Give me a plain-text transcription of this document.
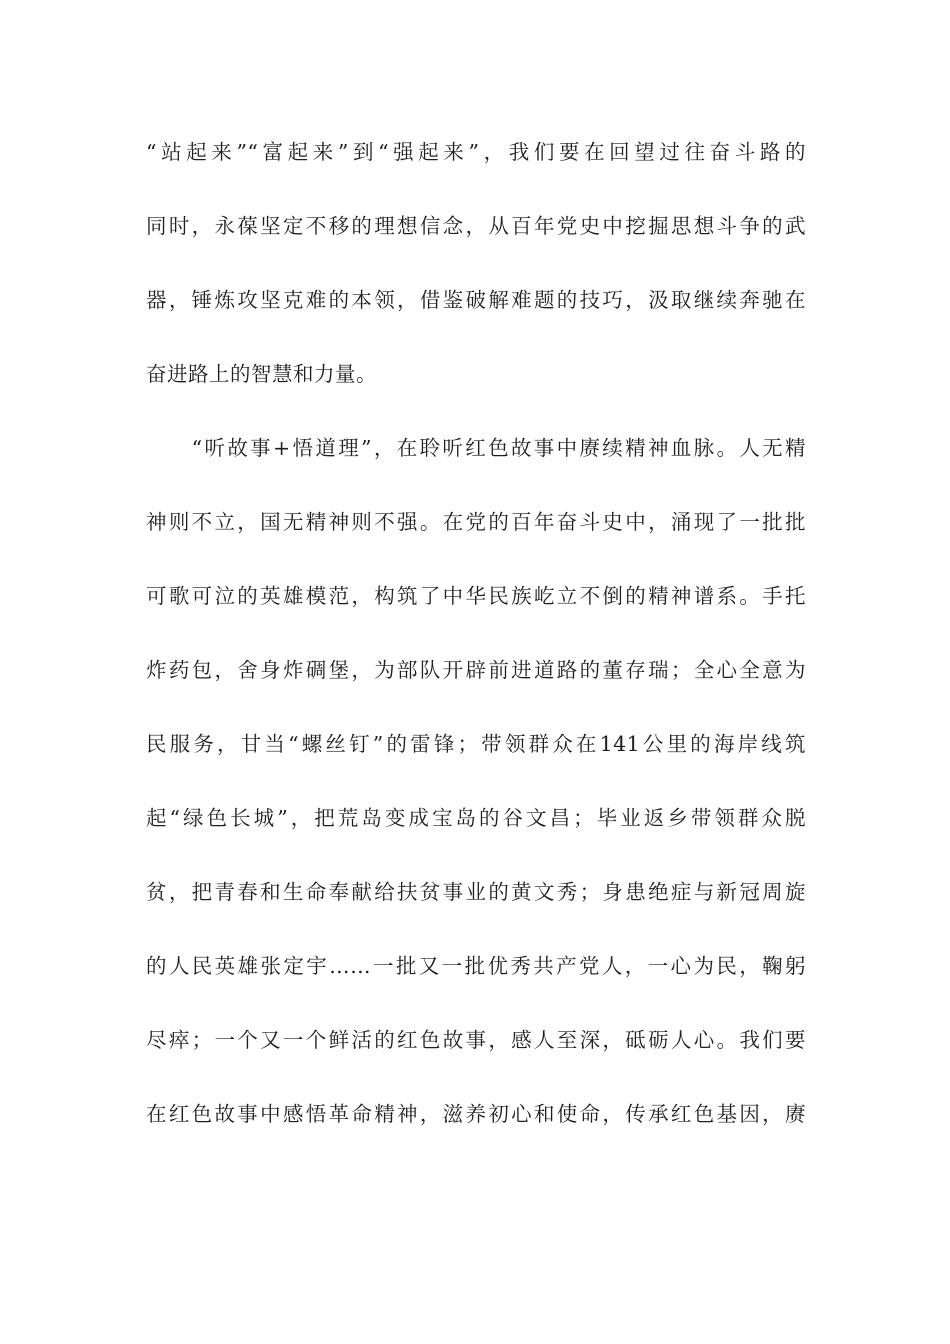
“站起来”“富起来”到“强起来”，我们要在回望过往奋斗路的
同时，永葆坚定不移的理想信念，从百年党史中挖掘思想斗争的武
器，锤炼攻坚克难的本领，借鉴破解难题的技巧，汲取继续奔驰在
奋进路上的智慧和力量。
　　“听故事+悟道理”，在聆听红色故事中赓续精神血脉。人无精
神则不立，国无精神则不强。在党的百年奋斗史中，涌现了一批批
可歌可泣的英雄模范，构筑了中华民族屹立不倒的精神谱系。手托
炸药包，舍身炸碉堡，为部队开辟前进道路的董存瑞；全心全意为
民服务，甘当“螺丝钉”的雷锋；带领群众在141公里的海岸线筑
起“绿色长城”，把荒岛变成宝岛的谷文昌；毕业返乡带领群众脱
贫，把青春和生命奉献给扶贫事业的黄文秀；身患绝症与新冠周旋
的人民英雄张定宇……一批又一批优秀共产党人，一心为民，鞠躬
尽瘁；一个又一个鲜活的红色故事，感人至深，砥砺人心。我们要
在红色故事中感悟革命精神，滋养初心和使命，传承红色基因，赓
